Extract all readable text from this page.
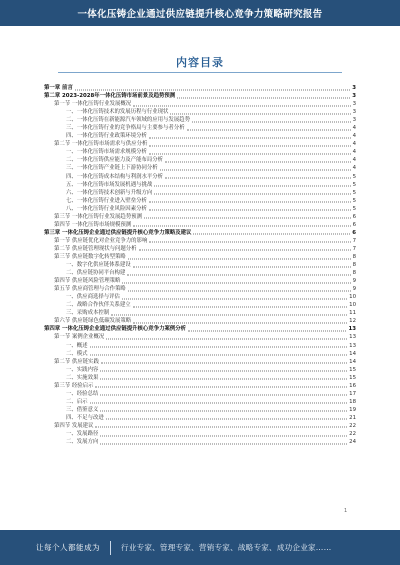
一体化压铸企业通过供应链提升核心竞争力策略研究报告
内容目录
第一章 前言	3
第二章 2023-2028年一体化压铸市场前景及趋势预测	3
第一节 一体化压铸行业发展概况	3
一、一体化压铸技术的发展历程与行业现状	3
二、一体化压铸在新能源汽车领域的应用与发展趋势	3
三、一体化压铸行业的竞争格局与主要参与者分析	4
四、一体化压铸行业政策环境分析	4
第二节 一体化压铸市场需求与供应分析	4
一、一体化压铸市场需求规模分析	4
二、一体化压铸供应能力及产能布局分析	4
三、一体化压铸产业链上下游协同分析	4
四、一体化压铸成本结构与利润水平分析	5
五、一体化压铸市场发展机遇与挑战	5
六、一体化压铸技术创新与升级方向	5
七、一体化压铸行业进入壁垒分析	5
八、一体化压铸行业风险因素分析	5
第三节 一体化压铸行业发展趋势预测	6
第四节 一体化压铸市场规模预测	6
第三章 一体化压铸企业通过供应链提升核心竞争力策略及建议	6
第一节 供应链优化对企业竞争力的影响	7
第二节 供应链管理现状与问题分析	7
第三节 供应链数字化转型策略	8
一、数字化供应链体系建设	8
二、供应链协同平台构建	8
第四节 供应链风险管理策略	9
第五节 供应商管理与合作策略	9
一、供应商选择与评估	10
二、战略合作伙伴关系建立	10
三、采购成本控制	11
第六节 供应链绿色低碳发展策略	12
第四章 一体化压铸企业通过供应链提升核心竞争力案例分析	13
第一节 案例企业概况	13
一、概述	13
二、模式	14
第二节 供应链实践	14
一、实践内容	15
二、实施效果	15
第三节 经验启示	16
一、经验总结	17
二、启示	18
三、借鉴意义	19
四、不足与改进	21
第四节 发展建议	22
一、发展路径	22
二、发展方向	24
1
让每个人都能成为	行业专家、管理专家、营销专家、战略专家、成功企业家……
